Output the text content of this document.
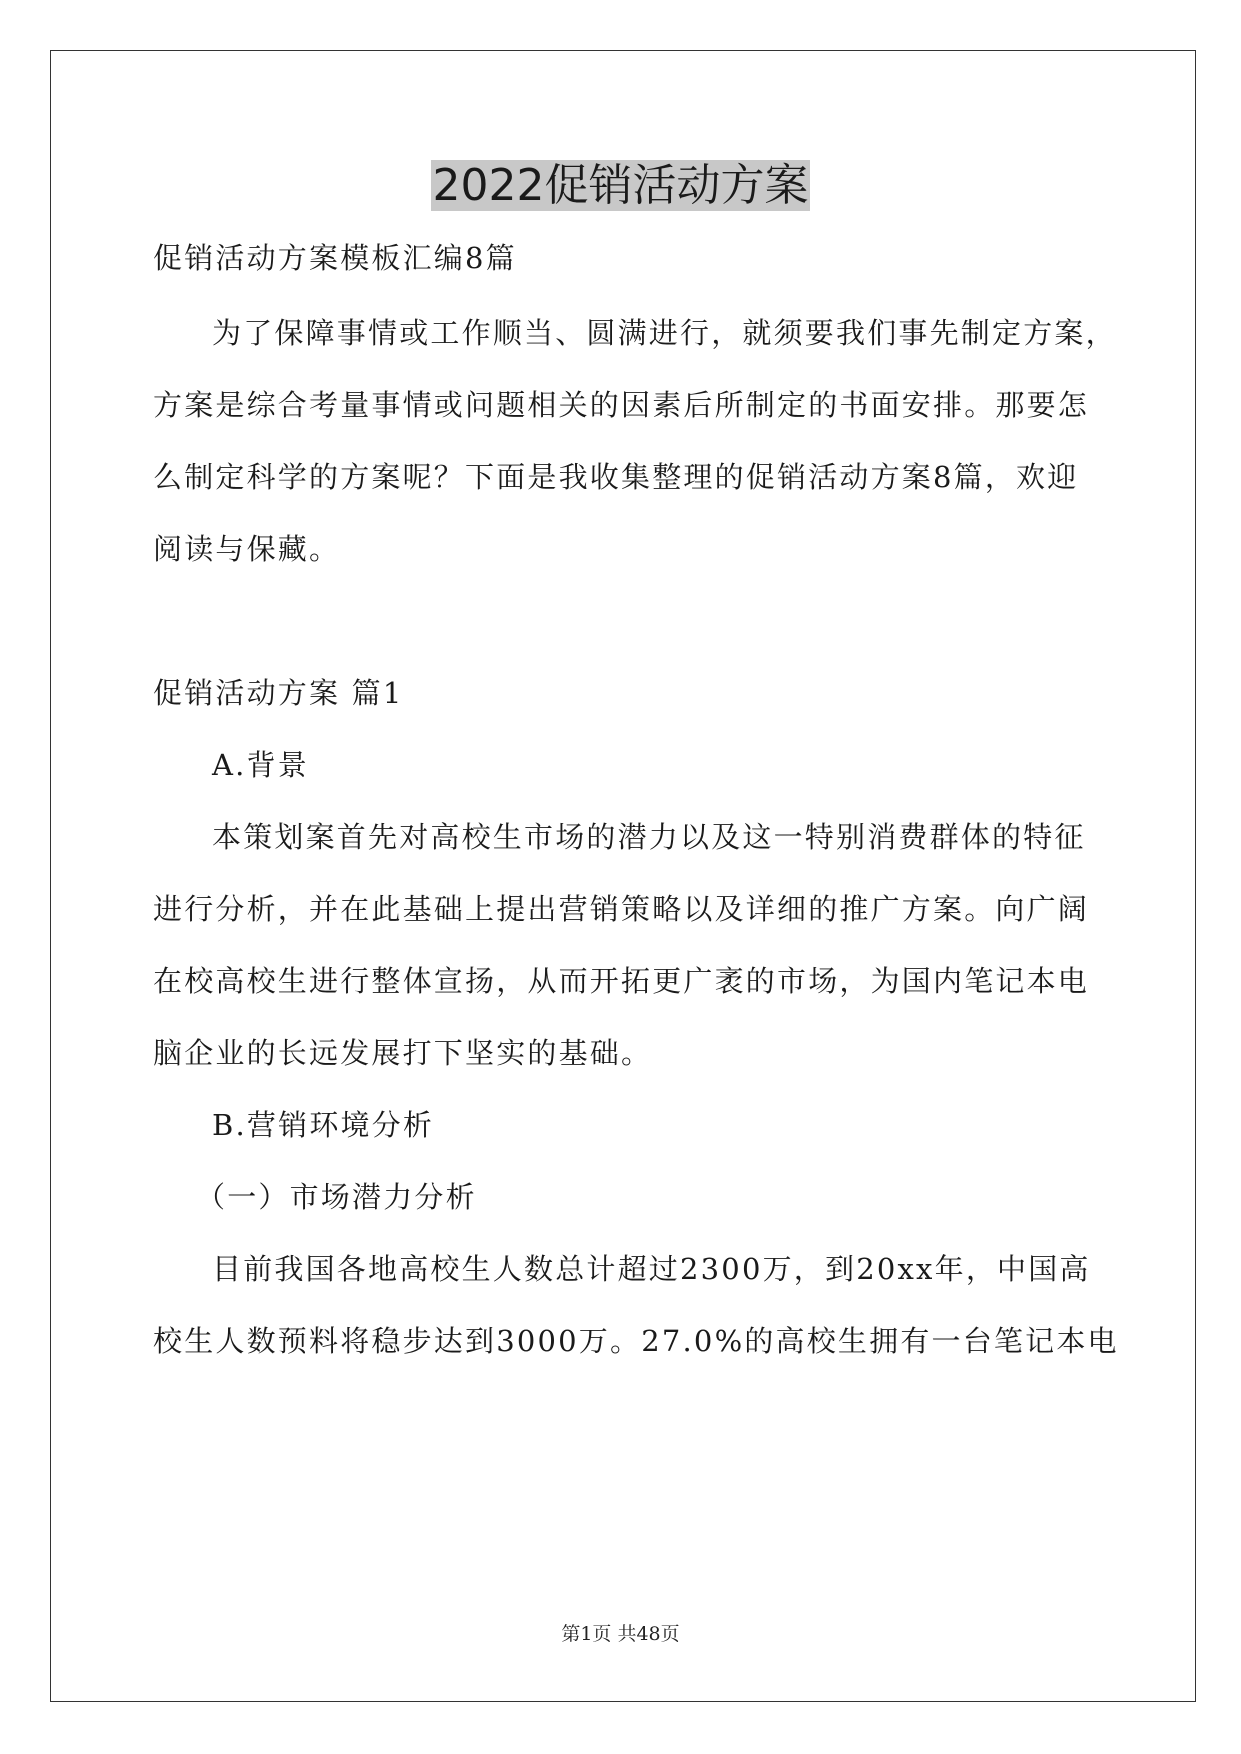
2022促销活动方案
促销活动方案模板汇编8篇
为了保障事情或工作顺当、圆满进行，就须要我们事先制定方案，
方案是综合考量事情或问题相关的因素后所制定的书面安排。那要怎
么制定科学的方案呢？下面是我收集整理的促销活动方案8篇，欢迎
阅读与保藏。
促销活动方案 篇1
A.背景
本策划案首先对高校生市场的潜力以及这一特别消费群体的特征
进行分析，并在此基础上提出营销策略以及详细的推广方案。向广阔
在校高校生进行整体宣扬，从而开拓更广袤的市场，为国内笔记本电
脑企业的长远发展打下坚实的基础。
B.营销环境分析
（一）市场潜力分析
目前我国各地高校生人数总计超过2300万，到20xx年，中国高
校生人数预料将稳步达到3000万。27.0%的高校生拥有一台笔记本电
第1页 共48页
